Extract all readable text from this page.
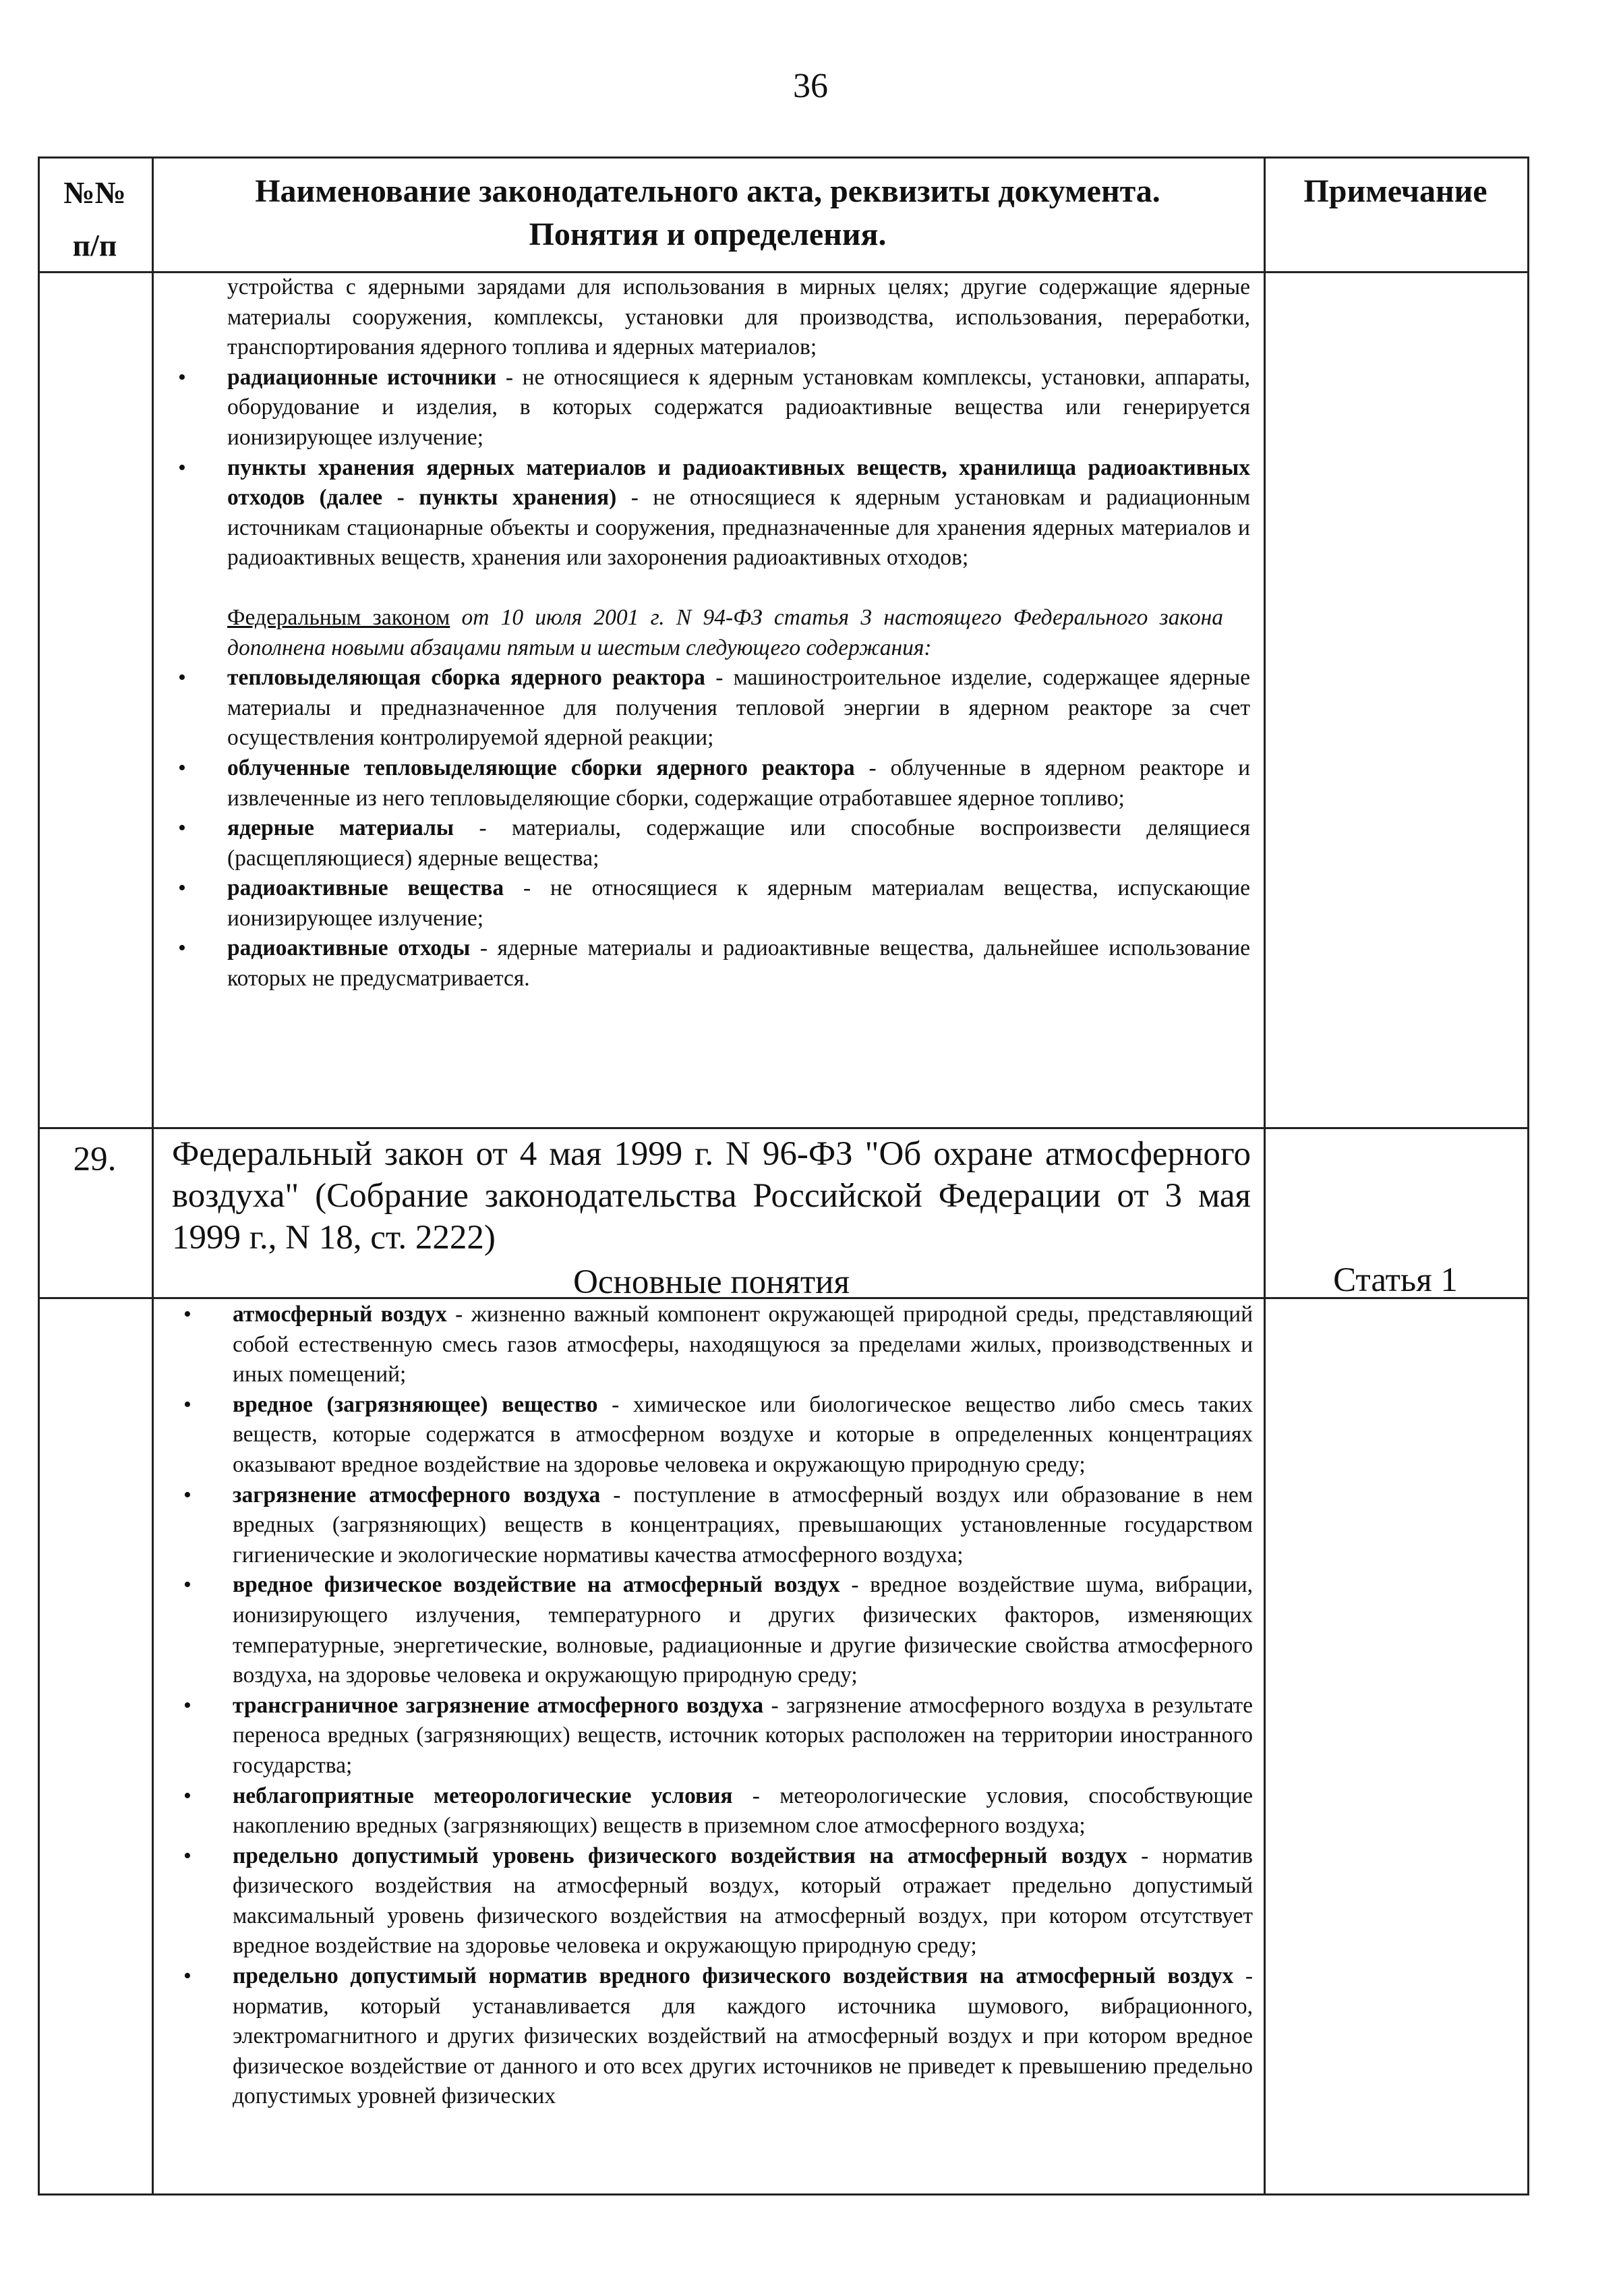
36
№№ п/п
Наименование законодательного акта, реквизиты документа.
Понятия и определения.
Примечание
устройства с ядерными зарядами для использования в мирных целях; другие содержащие ядерные материалы сооружения, комплексы, установки для производства, использования, переработки, транспортирования ядерного топлива и ядерных материалов;
• радиационные источники - не относящиеся к ядерным установкам комплексы, установки, аппараты, оборудование и изделия, в которых содержатся радиоактивные вещества или генерируется ионизирующее излучение;
• пункты хранения ядерных материалов и радиоактивных веществ, хранилища радиоактивных отходов (далее - пункты хранения) - не относящиеся к ядерным установкам и радиационным источникам стационарные объекты и сооружения, предназначенные для хранения ядерных материалов и радиоактивных веществ, хранения или захоронения радиоактивных отходов;
Федеральным законом от 10 июля 2001 г. N 94-ФЗ статья 3 настоящего Федерального закона дополнена новыми абзацами пятым и шестым следующего содержания:
• тепловыделяющая сборка ядерного реактора - машиностроительное изделие, содержащее ядерные материалы и предназначенное для получения тепловой энергии в ядерном реакторе за счет осуществления контролируемой ядерной реакции;
• облученные тепловыделяющие сборки ядерного реактора - облученные в ядерном реакторе и извлеченные из него тепловыделяющие сборки, содержащие отработавшее ядерное топливо;
• ядерные материалы - материалы, содержащие или способные воспроизвести делящиеся (расщепляющиеся) ядерные вещества;
• радиоактивные вещества - не относящиеся к ядерным материалам вещества, испускающие ионизирующее излучение;
• радиоактивные отходы - ядерные материалы и радиоактивные вещества, дальнейшее использование которых не предусматривается.
29.	Федеральный закон от 4 мая 1999 г. N 96-ФЗ "Об охране атмосферного воздуха" (Собрание законодательства Российской Федерации от 3 мая 1999 г., N 18, ст. 2222)
Основные понятия	Статья 1
• атмосферный воздух - жизненно важный компонент окружающей природной среды, представляющий собой естественную смесь газов атмосферы, находящуюся за пределами жилых, производственных и иных помещений;
• вредное (загрязняющее) вещество - химическое или биологическое вещество либо смесь таких веществ, которые содержатся в атмосферном воздухе и которые в определенных концентрациях оказывают вредное воздействие на здоровье человека и окружающую природную среду;
• загрязнение атмосферного воздуха - поступление в атмосферный воздух или образование в нем вредных (загрязняющих) веществ в концентрациях, превышающих установленные государством гигиенические и экологические нормативы качества атмосферного воздуха;
• вредное физическое воздействие на атмосферный воздух - вредное воздействие шума, вибрации, ионизирующего излучения, температурного и других физических факторов, изменяющих температурные, энергетические, волновые, радиационные и другие физические свойства атмосферного воздуха, на здоровье человека и окружающую природную среду;
• трансграничное загрязнение атмосферного воздуха - загрязнение атмосферного воздуха в результате переноса вредных (загрязняющих) веществ, источник которых расположен на территории иностранного государства;
• неблагоприятные метеорологические условия - метеорологические условия, способствующие накоплению вредных (загрязняющих) веществ в приземном слое атмосферного воздуха;
• предельно допустимый уровень физического воздействия на атмосферный воздух - норматив физического воздействия на атмосферный воздух, который отражает предельно допустимый максимальный уровень физического воздействия на атмосферный воздух, при котором отсутствует вредное воздействие на здоровье человека и окружающую природную среду;
• предельно допустимый норматив вредного физического воздействия на атмосферный воздух - норматив, который устанавливается для каждого источника шумового, вибрационного, электромагнитного и других физических воздействий на атмосферный воздух и при котором вредное физическое воздействие от данного и ото всех других источников не приведет к превышению предельно допустимых уровней физических
